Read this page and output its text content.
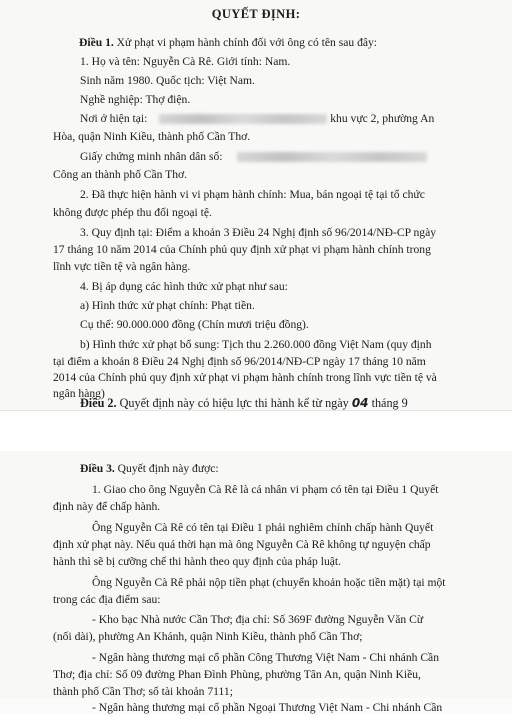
QUYẾT ĐỊNH:
Điều 1. Xử phạt vi phạm hành chính đối với ông có tên sau đây:
1. Họ và tên: Nguyễn Cà Rê. Giới tính: Nam.
Sinh năm 1980. Quốc tịch: Việt Nam.
Nghề nghiệp: Thợ điện.
Nơi ở hiện tại:	khu vực 2, phường An
Hòa, quận Ninh Kiều, thành phố Cần Thơ.
Giấy chứng minh nhân dân số:
Công an thành phố Cần Thơ.
2. Đã thực hiện hành vi vi phạm hành chính: Mua, bán ngoại tệ tại tổ chức
không được phép thu đổi ngoại tệ.
3. Quy định tại: Điểm a khoản 3 Điều 24 Nghị định số 96/2014/NĐ-CP ngày
17 tháng 10 năm 2014 của Chính phủ quy định xử phạt vi phạm hành chính trong
lĩnh vực tiền tệ và ngân hàng.
4. Bị áp dụng các hình thức xử phạt như sau:
a) Hình thức xử phạt chính: Phạt tiền.
Cụ thể: 90.000.000 đồng (Chín mươi triệu đồng).
b) Hình thức xử phạt bổ sung: Tịch thu 2.260.000 đồng Việt Nam (quy định
tại điểm a khoản 8 Điều 24 Nghị định số 96/2014/NĐ-CP ngày 17 tháng 10 năm
2014 của Chính phủ quy định xử phạt vi phạm hành chính trong lĩnh vực tiền tệ và
ngân hàng)
Điều 2. Quyết định này có hiệu lực thi hành kể từ ngày 04 tháng 9
Điều 3. Quyết định này được:
1. Giao cho ông Nguyễn Cà Rê là cá nhân vi phạm có tên tại Điều 1 Quyết
định này để chấp hành.
Ông Nguyễn Cà Rê có tên tại Điều 1 phải nghiêm chỉnh chấp hành Quyết
định xử phạt này. Nếu quá thời hạn mà ông Nguyễn Cà Rê không tự nguyện chấp
hành thì sẽ bị cưỡng chế thi hành theo quy định của pháp luật.
Ông Nguyễn Cà Rê phải nộp tiền phạt (chuyển khoản hoặc tiền mặt) tại một
trong các địa điểm sau:
- Kho bạc Nhà nước Cần Thơ; địa chỉ: Số 369F đường Nguyễn Văn Cừ
(nối dài), phường An Khánh, quận Ninh Kiều, thành phố Cần Thơ;
- Ngân hàng thương mại cổ phần Công Thương Việt Nam - Chi nhánh Cần
Thơ; địa chỉ: Số 09 đường Phan Đình Phùng, phường Tân An, quận Ninh Kiều,
thành phố Cần Thơ; số tài khoản 7111;
- Ngân hàng thương mại cổ phần Ngoại Thương Việt Nam - Chi nhánh Cần
